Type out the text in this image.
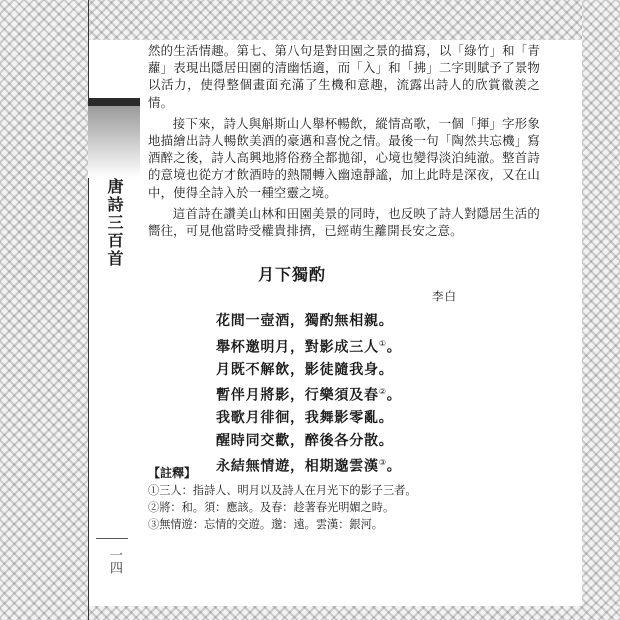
唐詩三百首
一四

然的生活情趣。第七、第八句是對田園之景的描寫，以「綠竹」和「青蘿」表現出隱居田園的清幽恬適，而「入」和「拂」二字則賦予了景物以活力，使得整個畫面充滿了生機和意趣，流露出詩人的欣賞徽羨之情。

接下來，詩人與斛斯山人舉杯暢飲，縱情高歌，一個「揮」字形象地描繪出詩人暢飲美酒的豪邁和喜悅之情。最後一句「陶然共忘機」寫酒醉之後，詩人高興地將俗務全都拋卻，心境也變得淡泊純澈。整首詩的意境也從方才飲酒時的熱鬧轉入幽遠靜謐，加上此時是深夜，又在山中，使得全詩入於一種空靈之境。

這首詩在讚美山林和田園美景的同時，也反映了詩人對隱居生活的嚮往，可見他當時受權貴排擠，已經萌生離開長安之意。

月下獨酌
李白
花間一壺酒，獨酌無相親。
舉杯邀明月，對影成三人①。
月既不解飲，影徒隨我身。
暫伴月將影，行樂須及春②。
我歌月徘徊，我舞影零亂。
醒時同交歡，醉後各分散。
永結無情遊，相期邈雲漢③。
【註釋】
①三人：指詩人、明月以及詩人在月光下的影子三者。
②將：和。須：應該。及春：趁著春光明媚之時。
③無情遊：忘情的交遊。邈：遠。雲漢：銀河。
